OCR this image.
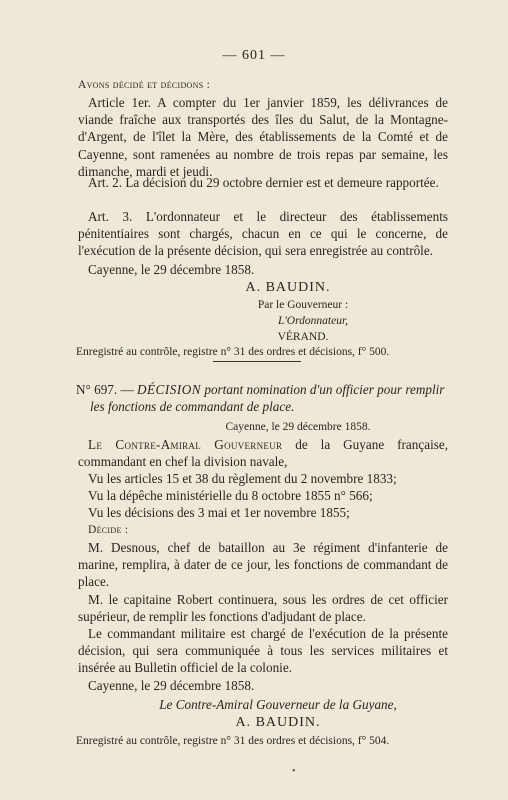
— 601 —
Avons décidé et décidons :
Article 1er. A compter du 1er janvier 1859, les délivrances de viande fraîche aux transportés des îles du Salut, de la Montagne-d'Argent, de l'îlet la Mère, des établissements de la Comté et de Cayenne, sont ramenées au nombre de trois repas par semaine, les dimanche, mardi et jeudi.
Art. 2. La décision du 29 octobre dernier est et demeure rapportée.
Art. 3. L'ordonnateur et le directeur des établissements pénitentiaires sont chargés, chacun en ce qui le concerne, de l'exécution de la présente décision, qui sera enregistrée au contrôle.
Cayenne, le 29 décembre 1858.
A. BAUDIN.
Par le Gouverneur :
L'Ordonnateur,
VÉRAND.
Enregistré au contrôle, registre n° 31 des ordres et décisions, f° 500.
N° 697. — DÉCISION portant nomination d'un officier pour remplir les fonctions de commandant de place.
Cayenne, le 29 décembre 1858.
Le Contre-Amiral Gouverneur de la Guyane française, commandant en chef la division navale,
Vu les articles 15 et 38 du règlement du 2 novembre 1833;
Vu la dépêche ministérielle du 8 octobre 1855 n° 566;
Vu les décisions des 3 mai et 1er novembre 1855;
Décide :
M. Desnous, chef de bataillon au 3e régiment d'infanterie de marine, remplira, à dater de ce jour, les fonctions de commandant de place.
M. le capitaine Robert continuera, sous les ordres de cet officier supérieur, de remplir les fonctions d'adjudant de place.
Le commandant militaire est chargé de l'exécution de la présente décision, qui sera communiquée à tous les services militaires et insérée au Bulletin officiel de la colonie.
Cayenne, le 29 décembre 1858.
Le Contre-Amiral Gouverneur de la Guyane,
A. BAUDIN.
Enregistré au contrôle, registre n° 31 des ordres et décisions, f° 504.
•
